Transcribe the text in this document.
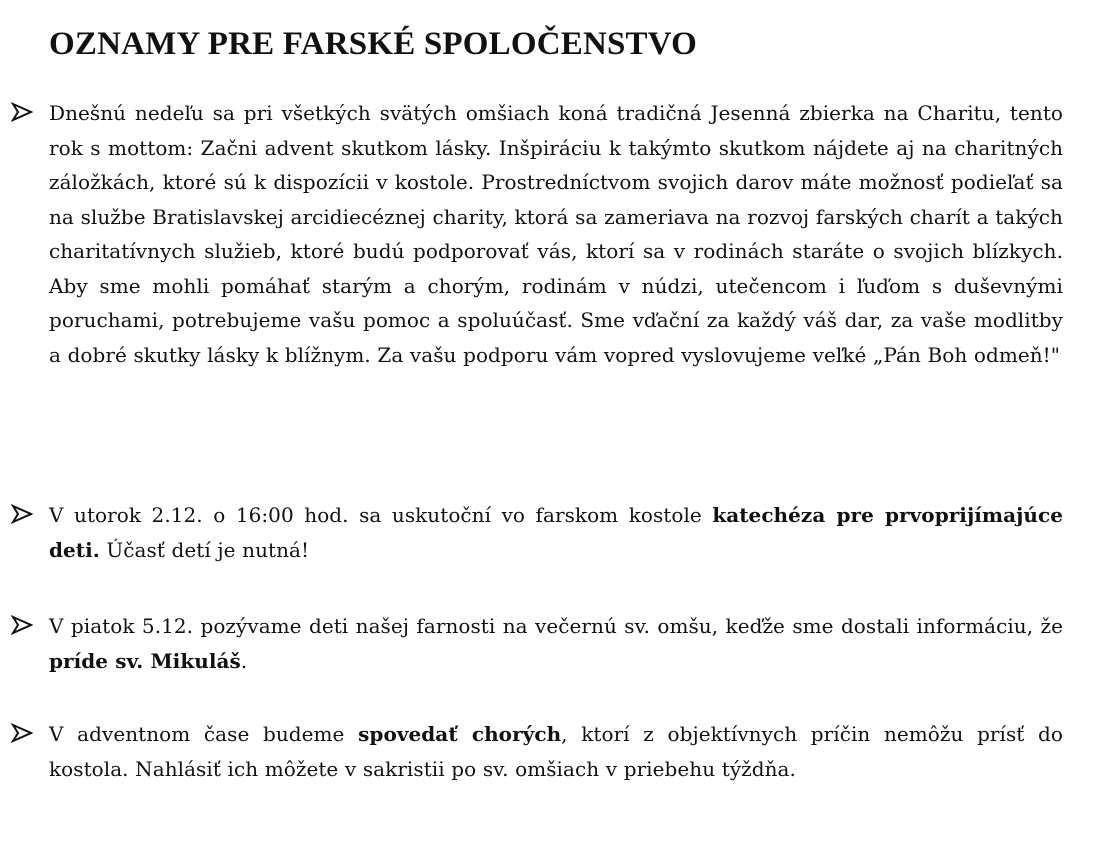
OZNAMY PRE FARSKÉ SPOLOČENSTVO
Dnešnú nedeľu sa pri všetkých svätých omšiach koná tradičná Jesenná zbierka na Charitu, tento rok s mottom: Začni advent skutkom lásky. Inšpiráciu k takýmto skutkom nájdete aj na charitných záložkách, ktoré sú k dispozícii v kostole. Prostredníctvom svojich darov máte možnosť podieľať sa na službe Bratislavskej arcidiecéznej charity, ktorá sa zameriava na rozvoj farských charít a takých charitatívnych služieb, ktoré budú podporovať vás, ktorí sa v rodinách staráte o svojich blízkych. Aby sme mohli pomáhať starým a chorým, rodinám v núdzi, utečencom i ľuďom s duševnými poruchami, potrebujeme vašu pomoc a spoluúčasť. Sme vďační za každý váš dar, za vaše modlitby a dobré skutky lásky k blížnym. Za vašu podporu vám vopred vyslovujeme veľké „Pán Boh odmeň!"
V utorok 2.12. o 16:00 hod. sa uskutoční vo farskom kostole katechéza pre prvoprijímajúce deti. Účasť detí je nutná!
V piatok 5.12. pozývame deti našej farnosti na večernú sv. omšu, keďže sme dostali informáciu, že príde sv. Mikuláš.
V adventnom čase budeme spovedať chorých, ktorí z objektívnych príčin nemôžu prísť do kostola. Nahlásiť ich môžete v sakristii po sv. omšiach v priebehu týždňa.
